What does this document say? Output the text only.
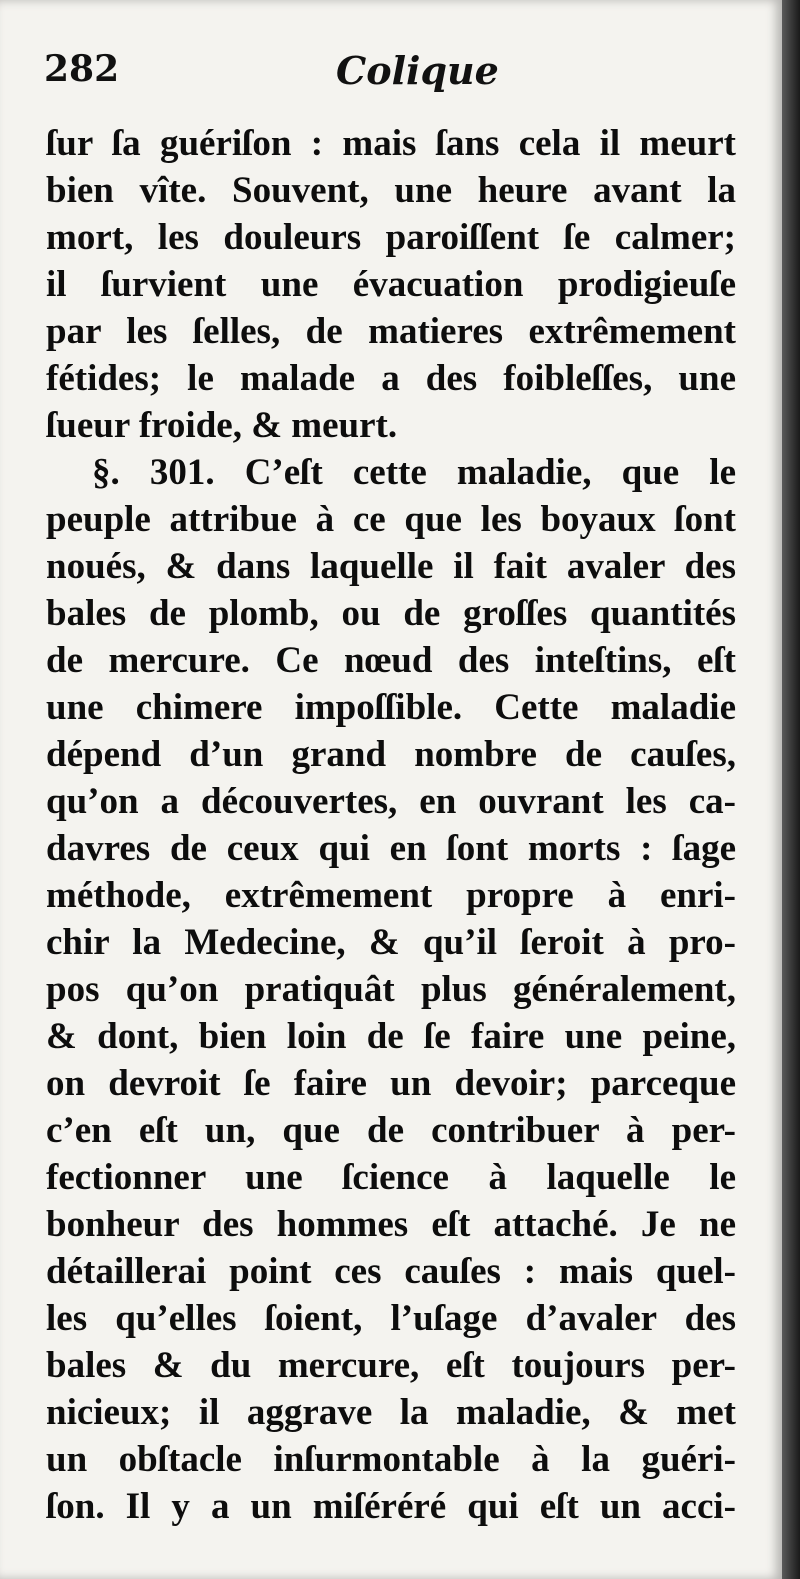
282	Colique
ſur ſa guériſon : mais ſans cela il meurt
bien vîte. Souvent, une heure avant la
mort, les douleurs paroiſſent ſe calmer;
il ſurvient une évacuation prodigieuſe
par les ſelles, de matieres extrêmement
fétides; le malade a des foibleſſes, une
ſueur froide, & meurt.
§. 301. C’eſt cette maladie, que le
peuple attribue à ce que les boyaux ſont
noués, & dans laquelle il fait avaler des
bales de plomb, ou de groſſes quantités
de mercure. Ce nœud des inteſtins, eſt
une chimere impoſſible. Cette maladie
dépend d’un grand nombre de cauſes,
qu’on a découvertes, en ouvrant les ca-
davres de ceux qui en ſont morts : ſage
méthode, extrêmement propre à enri-
chir la Medecine, & qu’il ſeroit à pro-
pos qu’on pratiquât plus généralement,
& dont, bien loin de ſe faire une peine,
on devroit ſe faire un devoir; parceque
c’en eſt un, que de contribuer à per-
fectionner une ſcience à laquelle le
bonheur des hommes eſt attaché. Je ne
détaillerai point ces cauſes : mais quel-
les qu’elles ſoient, l’uſage d’avaler des
bales & du mercure, eſt toujours per-
nicieux; il aggrave la maladie, & met
un obſtacle inſurmontable à la guéri-
ſon. Il y a un miſéréré qui eſt un acci-
